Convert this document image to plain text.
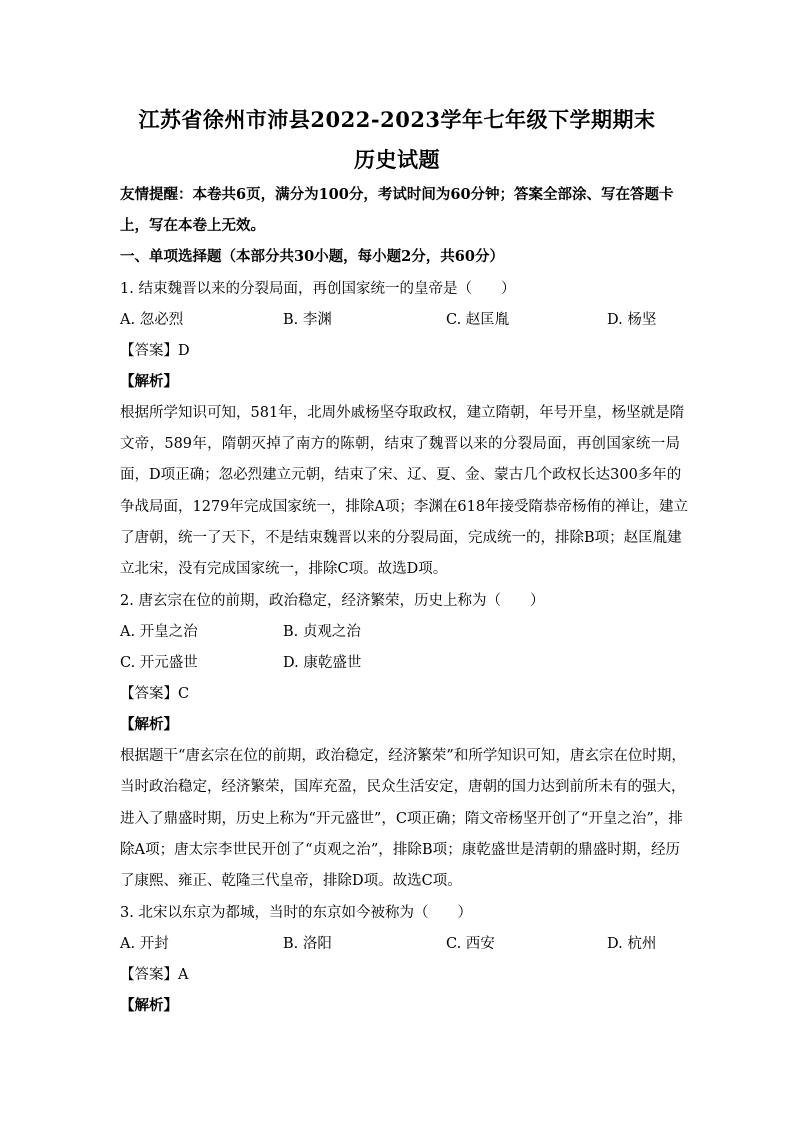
江苏省徐州市沛县2022-2023学年七年级下学期期末
历史试题
友情提醒：本卷共6页，满分为100分，考试时间为60分钟；答案全部涂、写在答题卡
上，写在本卷上无效。
一、单项选择题（本部分共30小题，每小题2分，共60分）
1. 结束魏晋以来的分裂局面，再创国家统一的皇帝是（　　）
A. 忽必烈	B. 李渊	C. 赵匡胤	D. 杨坚
【答案】D
【解析】
根据所学知识可知，581年，北周外戚杨坚夺取政权，建立隋朝，年号开皇，杨坚就是隋
文帝，589年，隋朝灭掉了南方的陈朝，结束了魏晋以来的分裂局面，再创国家统一局
面，D项正确；忽必烈建立元朝，结束了宋、辽、夏、金、蒙古几个政权长达300多年的
争战局面，1279年完成国家统一，排除A项；李渊在618年接受隋恭帝杨侑的禅让，建立
了唐朝，统一了天下，不是结束魏晋以来的分裂局面，完成统一的，排除B项；赵匡胤建
立北宋，没有完成国家统一，排除C项。故选D项。
2. 唐玄宗在位的前期，政治稳定，经济繁荣，历史上称为（　　）
A. 开皇之治	B. 贞观之治
C. 开元盛世	D. 康乾盛世
【答案】C
【解析】
根据题干“唐玄宗在位的前期，政治稳定，经济繁荣”和所学知识可知，唐玄宗在位时期，
当时政治稳定，经济繁荣，国库充盈，民众生活安定，唐朝的国力达到前所未有的强大，
进入了鼎盛时期，历史上称为“开元盛世”，C项正确；隋文帝杨坚开创了“开皇之治”，排
除A项；唐太宗李世民开创了“贞观之治”，排除B项；康乾盛世是清朝的鼎盛时期，经历
了康熙、雍正、乾隆三代皇帝，排除D项。故选C项。
3. 北宋以东京为都城，当时的东京如今被称为（　　）
A. 开封	B. 洛阳	C. 西安	D. 杭州
【答案】A
【解析】
